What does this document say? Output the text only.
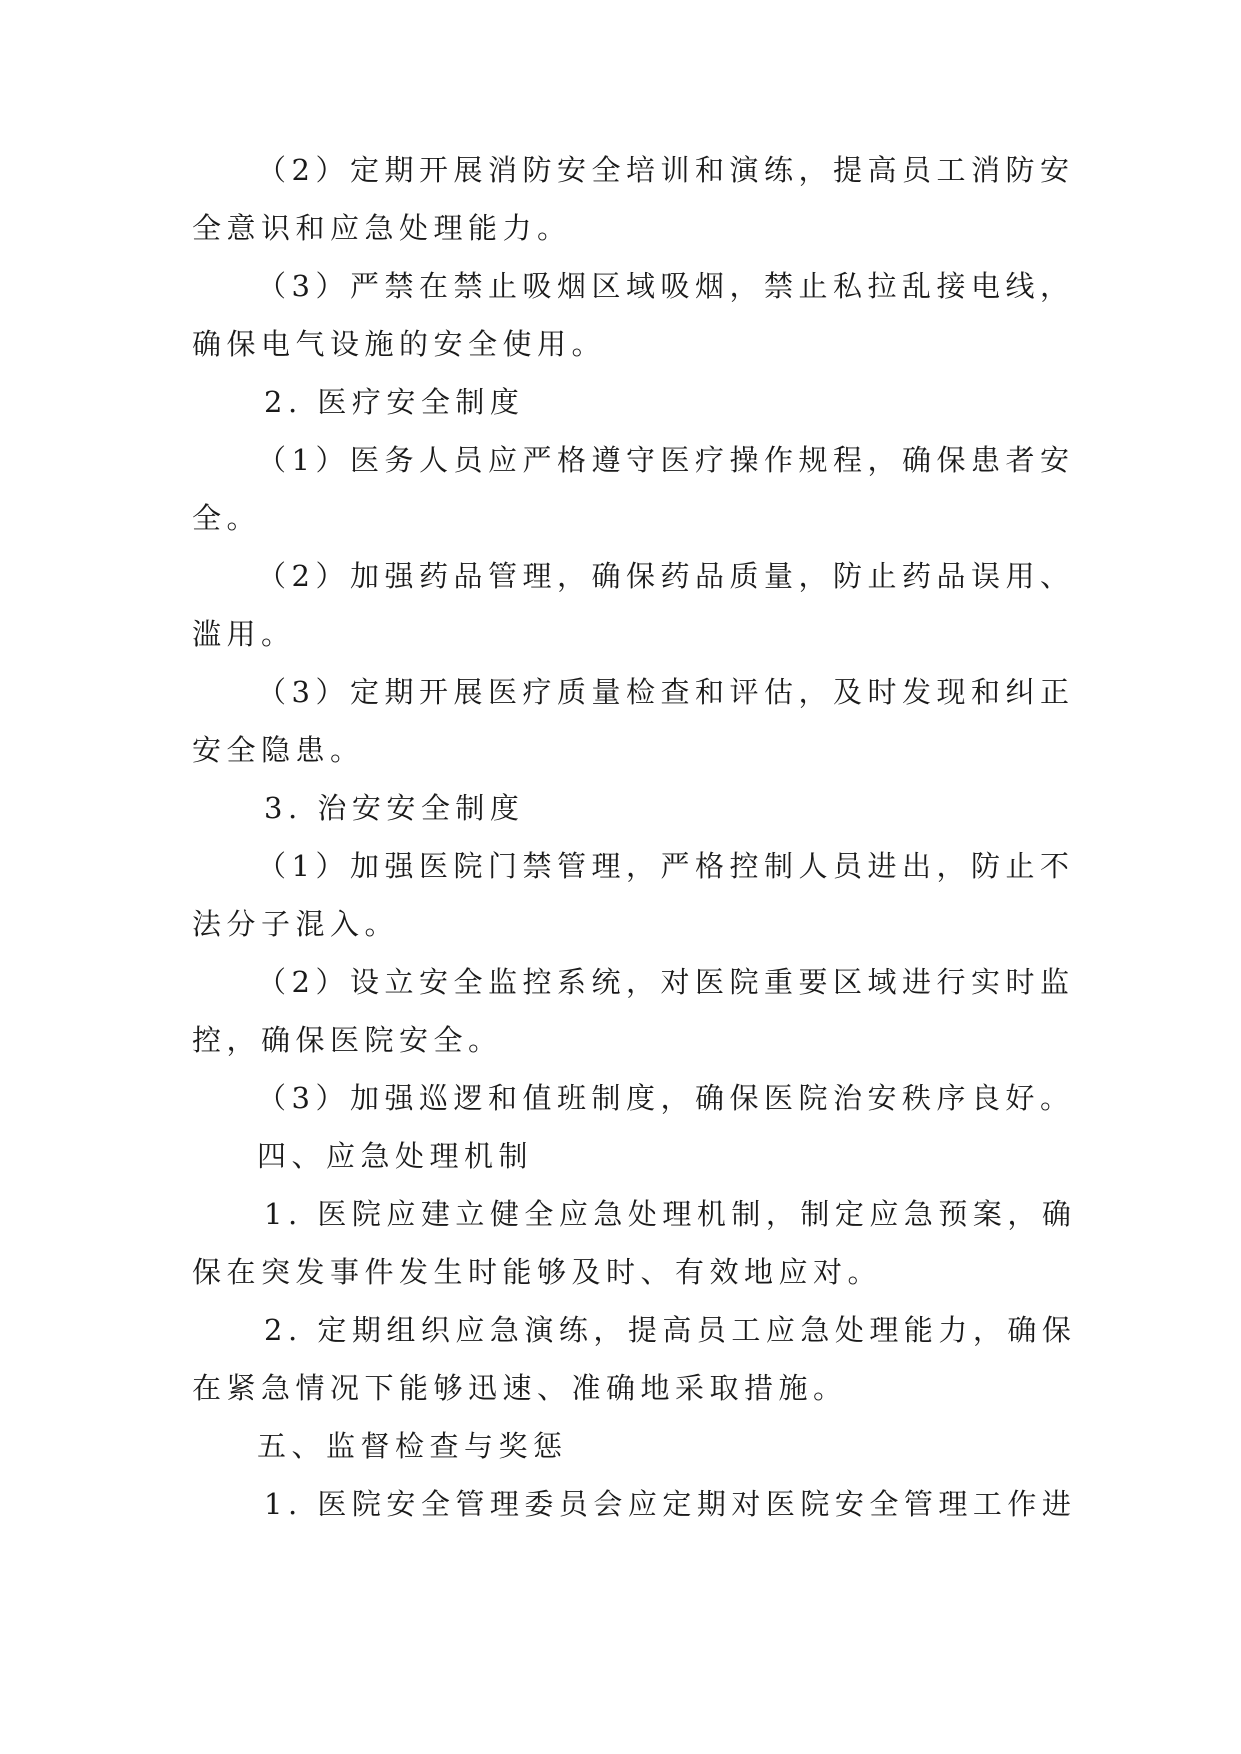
（2）定期开展消防安全培训和演练，提高员工消防安
全意识和应急处理能力。
（3）严禁在禁止吸烟区域吸烟，禁止私拉乱接电线，
确保电气设施的安全使用。
2. 医疗安全制度
（1）医务人员应严格遵守医疗操作规程，确保患者安
全。
（2）加强药品管理，确保药品质量，防止药品误用、
滥用。
（3）定期开展医疗质量检查和评估，及时发现和纠正
安全隐患。
3. 治安安全制度
（1）加强医院门禁管理，严格控制人员进出，防止不
法分子混入。
（2）设立安全监控系统，对医院重要区域进行实时监
控，确保医院安全。
（3）加强巡逻和值班制度，确保医院治安秩序良好。
四、应急处理机制
1. 医院应建立健全应急处理机制，制定应急预案，确
保在突发事件发生时能够及时、有效地应对。
2. 定期组织应急演练，提高员工应急处理能力，确保
在紧急情况下能够迅速、准确地采取措施。
五、监督检查与奖惩
1. 医院安全管理委员会应定期对医院安全管理工作进
